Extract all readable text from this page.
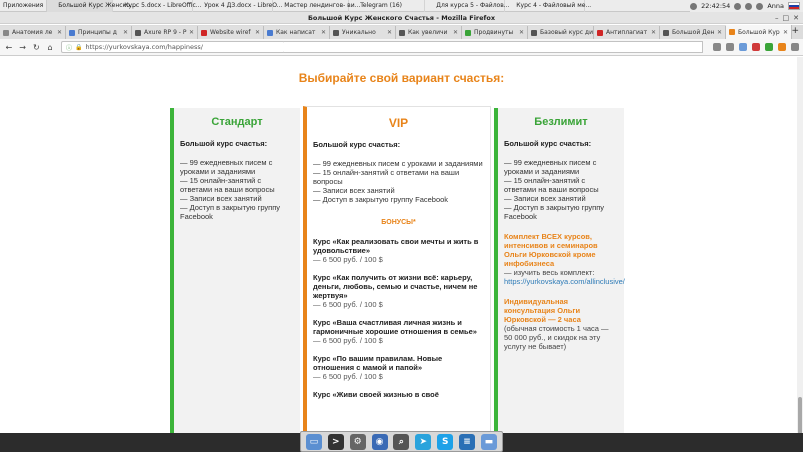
Приложения	Большой Курс Женско...
Курс 5.docx - LibreOffic... Урок 4 ДЗ.docx - LibreO... Мастер лендингов- ви... Telegram (16)	Для курса 5 - Файлов... Курс 4 - Файловый ме...	22:42:54	Anna
Большой Курс Женского Счастья - Mozilla Firefox	– □ ✕
Анатомия ле ✕	Принципы д	✕	Axure RP 9 - P ✕	Website wiref ✕	Как написат ✕	Уникально	✕	Как увеличи ✕	Продвинуты ✕	Базовый курс ди Антиплагиат ✕	Большой Ден ✕	Большой Кур ✕ +
← → ↻ ⌂	ⓘ 🔒 https:// yurkovskaya.com/happiness/
Выбирайте свой вариант счастья:
Стандарт
Большой курс счастья:
— 99 ежедневных писем с уроками и заданиями
— 15 онлайн-занятий с ответами на ваши вопросы
— Записи всех занятий
— Доступ в закрытую группу Facebook
VIP
Большой курс счастья:
— 99 ежедневных писем с уроками и заданиями
— 15 онлайн-занятий с ответами на ваши вопросы
— Записи всех занятий
— Доступ в закрытую группу Facebook
БОНУСЫ*
Курс «Как реализовать свои мечты и жить в удовольствие»
— 6 500 руб. / 100 $
Курс «Как получить от жизни всё: карьеру, деньги, любовь, семью и счастье, ничем не жертвуя»
— 6 500 руб. / 100 $
Курс «Ваша счастливая личная жизнь и гармоничные хорошие отношения в семье»
— 6 500 руб. / 100 $
Курс «По вашим правилам. Новые отношения с мамой и папой»
— 6 500 руб. / 100 $
Курс «Живи своей жизнью в своё
Безлимит
Большой курс счастья:
— 99 ежедневных писем с уроками и заданиями
— 15 онлайн-занятий с ответами на ваши вопросы
— Записи всех занятий
— Доступ в закрытую группу Facebook
Комплект ВСЕХ курсов, интенсивов и семинаров Ольги Юрковской кроме инфобизнеса
— изучить весь комплект:
https://yurkovskaya.com/allinclusive/
Индивидуальная консультация Ольги Юрковской — 2 часа
(обычная стоимость 1 часа — 50 000 руб., и скидок на эту услугу не бывает)
▭	>	⚙	◉	⌕	➤	S	≡	▬
